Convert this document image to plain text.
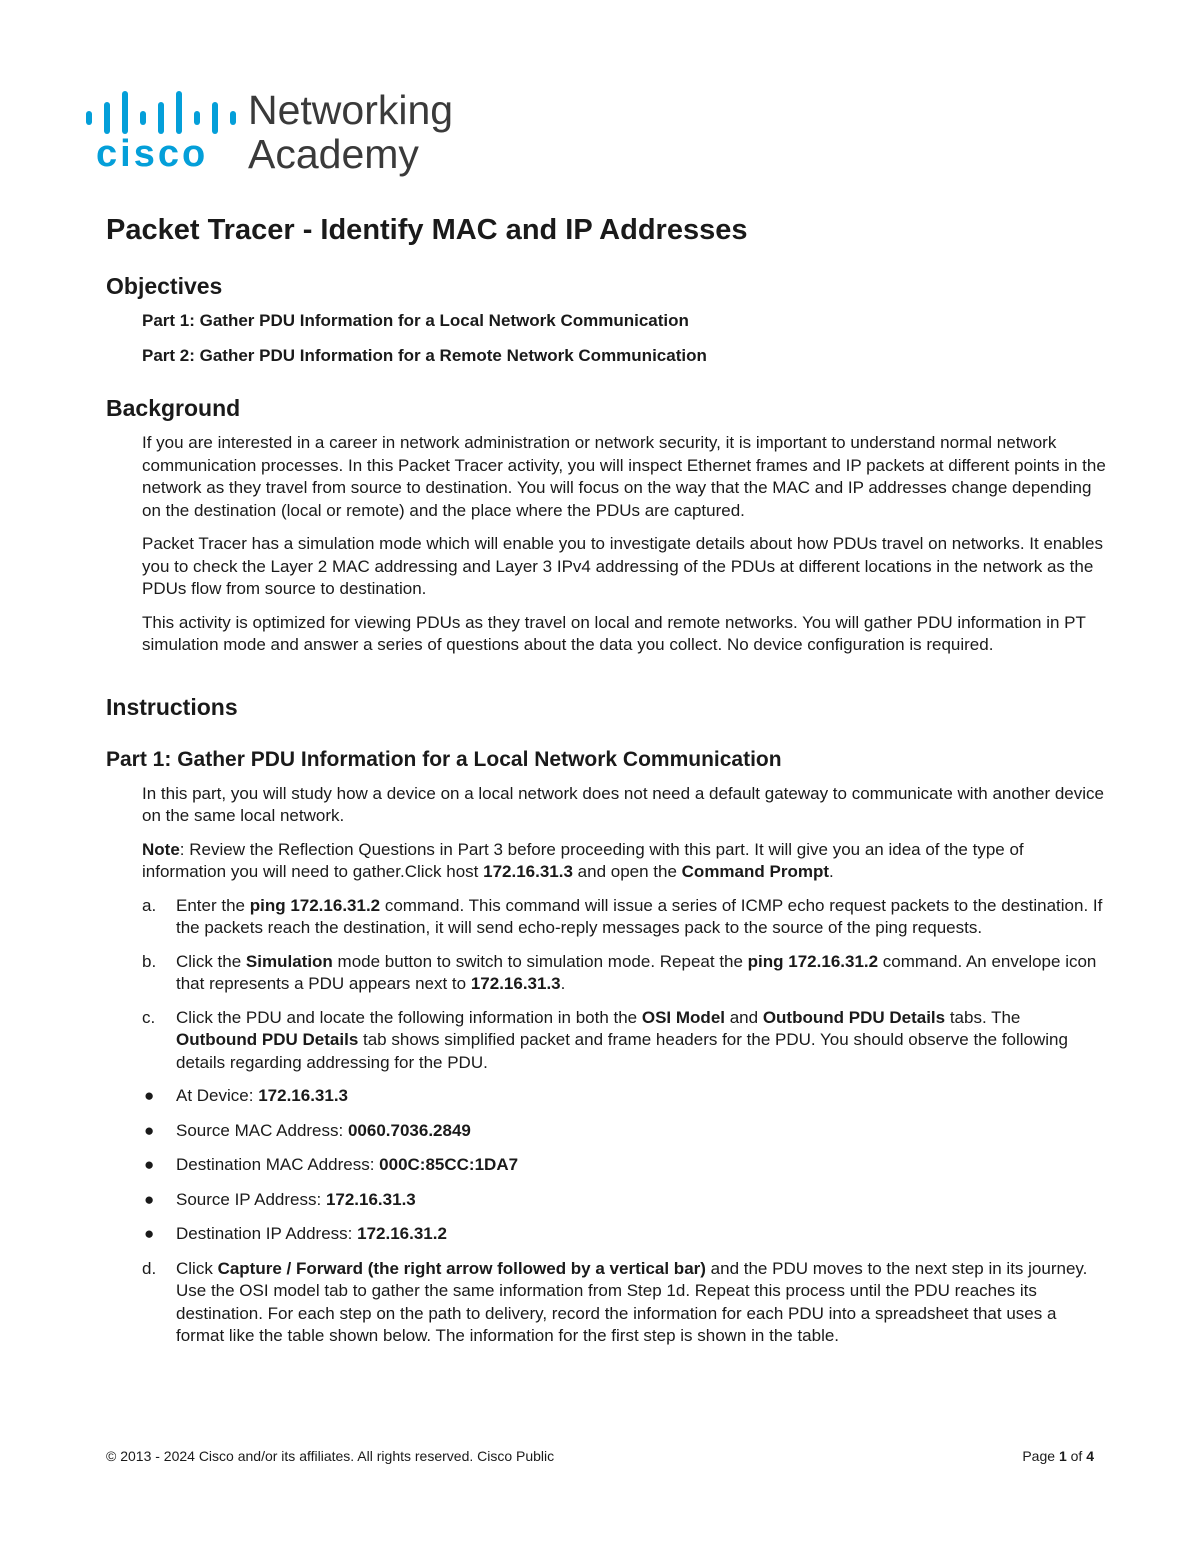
cisco
Networking
Academy
Packet Tracer - Identify MAC and IP Addresses
Objectives
Part 1: Gather PDU Information for a Local Network Communication
Part 2: Gather PDU Information for a Remote Network Communication
Background

If you are interested in a career in network administration or network security, it is important to understand normal network communication processes. In this Packet Tracer activity, you will inspect Ethernet frames and IP packets at different points in the network as they travel from source to destination. You will focus on the way that the MAC and IP addresses change depending on the destination (local or remote) and the place where the PDUs are captured.

Packet Tracer has a simulation mode which will enable you to investigate details about how PDUs travel on networks. It enables you to check the Layer 2 MAC addressing and Layer 3 IPv4 addressing of the PDUs at different locations in the network as the PDUs flow from source to destination.

This activity is optimized for viewing PDUs as they travel on local and remote networks. You will gather PDU information in PT simulation mode and answer a series of questions about the data you collect. No device configuration is required.

Instructions
Part 1: Gather PDU Information for a Local Network Communication

In this part, you will study how a device on a local network does not need a default gateway to communicate with another device on the same local network.

Note: Review the Reflection Questions in Part 3 before proceeding with this part. It will give you an idea of the type of information you will need to gather.Click host 172.16.31.3 and open the Command Prompt.

a. Enter the ping 172.16.31.2 command. This command will issue a series of ICMP echo request packets to the destination. If the packets reach the destination, it will send echo-reply messages pack to the source of the ping requests.
b. Click the Simulation mode button to switch to simulation mode. Repeat the ping 172.16.31.2 command. An envelope icon that represents a PDU appears next to 172.16.31.3.
c. Click the PDU and locate the following information in both the OSI Model and Outbound PDU Details tabs. The Outbound PDU Details tab shows simplified packet and frame headers for the PDU. You should observe the following details regarding addressing for the PDU.
● At Device: 172.16.31.3
● Source MAC Address: 0060.7036.2849
● Destination MAC Address: 000C:85CC:1DA7
● Source IP Address: 172.16.31.3
● Destination IP Address: 172.16.31.2
d. Click Capture / Forward (the right arrow followed by a vertical bar) and the PDU moves to the next step in its journey. Use the OSI model tab to gather the same information from Step 1d. Repeat this process until the PDU reaches its destination. For each step on the path to delivery, record the information for each PDU into a spreadsheet that uses a format like the table shown below. The information for the first step is shown in the table.
© 2013 - 2024 Cisco and/or its affiliates. All rights reserved. Cisco Public	Page 1 of 4
